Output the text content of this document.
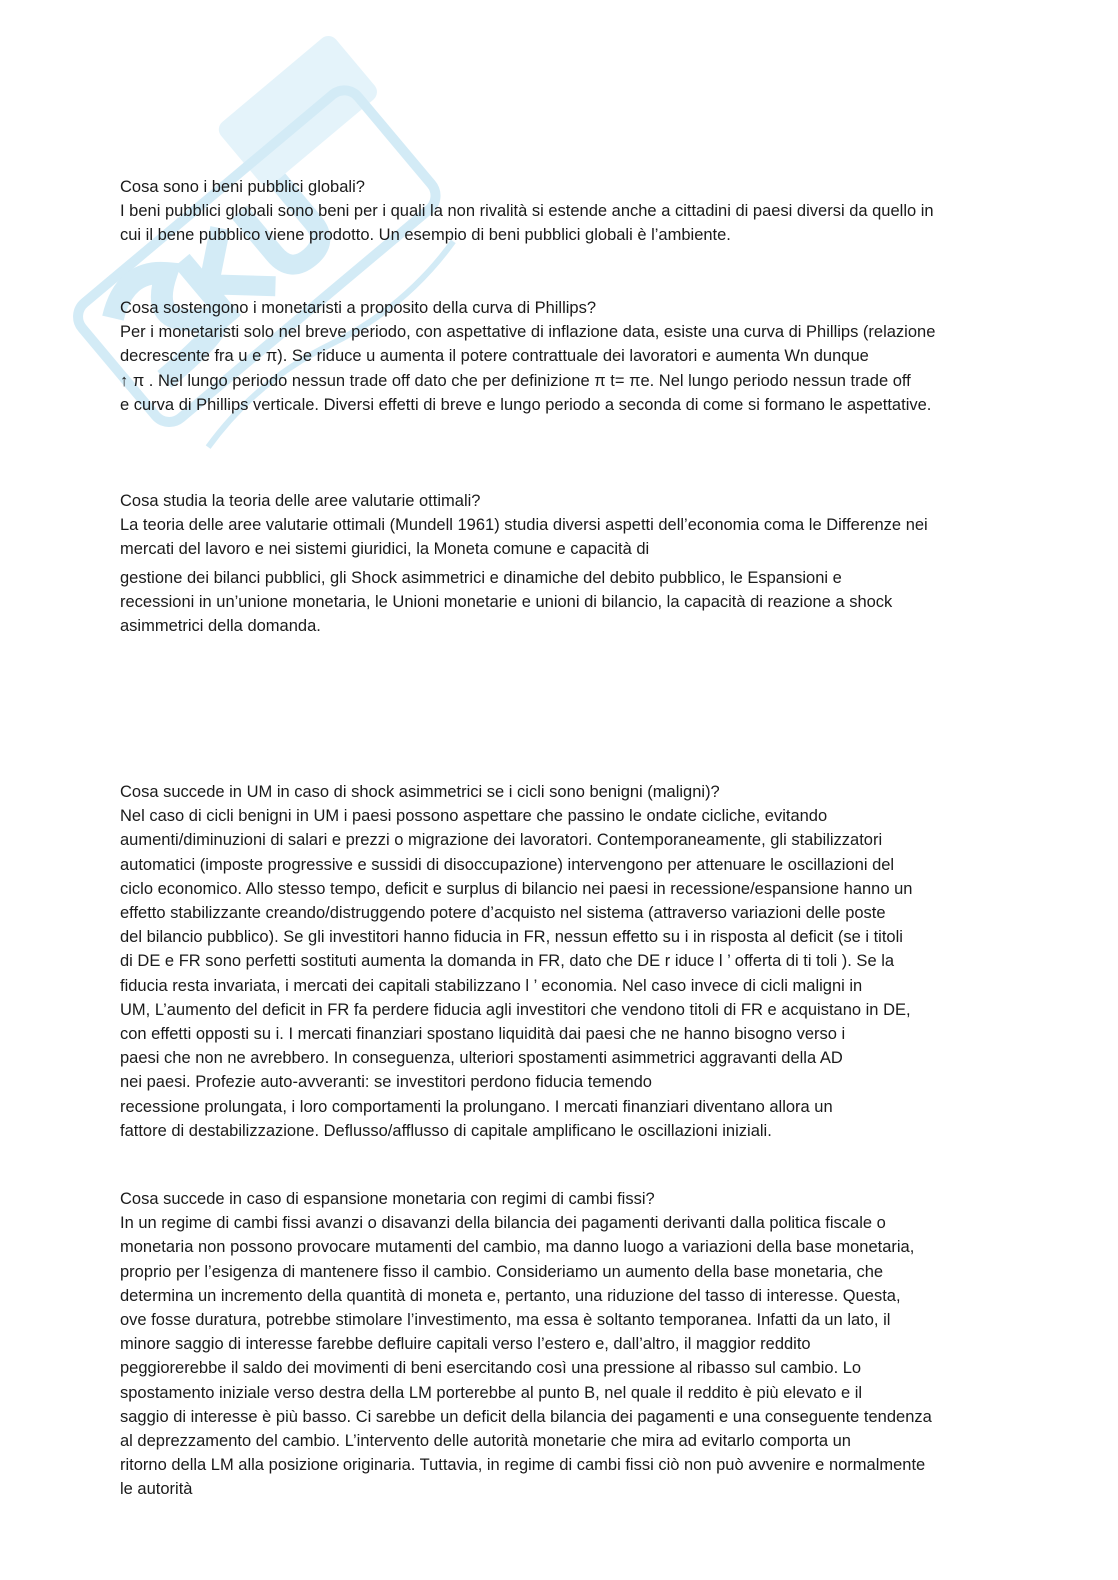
Cosa sono i beni pubblici globali?

I beni pubblici globali sono beni per i quali la non rivalità si estende anche a cittadini di paesi diversi da quello in

cui il bene pubblico viene prodotto. Un esempio di beni pubblici globali è l’ambiente.

Cosa sostengono i monetaristi a proposito della curva di Phillips?

Per i monetaristi solo nel breve periodo, con aspettative di inflazione data, esiste una curva di Phillips (relazione

decrescente fra u e π). Se riduce u aumenta il potere contrattuale dei lavoratori e aumenta Wn dunque

↑ π . Nel lungo periodo nessun trade off dato che per definizione π t= πe. Nel lungo periodo nessun trade off

e curva di Phillips verticale. Diversi effetti di breve e lungo periodo a seconda di come si formano le aspettative.

Cosa studia la teoria delle aree valutarie ottimali?

La teoria delle aree valutarie ottimali (Mundell 1961) studia diversi aspetti dell’economia coma le Differenze nei

mercati del lavoro e nei sistemi giuridici, la Moneta comune e capacità di

gestione dei bilanci pubblici, gli Shock asimmetrici e dinamiche del debito pubblico, le Espansioni e

recessioni in un’unione monetaria, le Unioni monetarie e unioni di bilancio, la capacità di reazione a shock

asimmetrici della domanda.

Cosa succede in UM in caso di shock asimmetrici se i cicli sono benigni (maligni)?

Nel caso di cicli benigni in UM i paesi possono aspettare che passino le ondate cicliche, evitando

aumenti/diminuzioni di salari e prezzi o migrazione dei lavoratori. Contemporaneamente, gli stabilizzatori

automatici (imposte progressive e sussidi di disoccupazione) intervengono per attenuare le oscillazioni del

ciclo economico. Allo stesso tempo, deficit e surplus di bilancio nei paesi in recessione/espansione hanno un

effetto stabilizzante creando/distruggendo potere d’acquisto nel sistema (attraverso variazioni delle poste

del bilancio pubblico). Se gli investitori hanno fiducia in FR, nessun effetto su i in risposta al deficit (se i titoli

di DE e FR sono perfetti sostituti aumenta la domanda in FR, dato che DE r iduce l ’ offerta di ti toli ). Se la

fiducia resta invariata, i mercati dei capitali stabilizzano l ’ economia. Nel caso invece di cicli maligni in

UM, L’aumento del deficit in FR fa perdere fiducia agli investitori che vendono titoli di FR e acquistano in DE,

con effetti opposti su i. I mercati finanziari spostano liquidità dai paesi che ne hanno bisogno verso i

paesi che non ne avrebbero. In conseguenza, ulteriori spostamenti asimmetrici aggravanti della AD

nei paesi. Profezie auto-avveranti: se investitori perdono fiducia temendo

recessione prolungata, i loro comportamenti la prolungano. I mercati finanziari diventano allora un

fattore di destabilizzazione. Deflusso/afflusso di capitale amplificano le oscillazioni iniziali.

Cosa succede in caso di espansione monetaria con regimi di cambi fissi?

In un regime di cambi fissi avanzi o disavanzi della bilancia dei pagamenti derivanti dalla politica fiscale o

monetaria non possono provocare mutamenti del cambio, ma danno luogo a variazioni della base monetaria,

proprio per l’esigenza di mantenere fisso il cambio. Consideriamo un aumento della base monetaria, che

determina un incremento della quantità di moneta e, pertanto, una riduzione del tasso di interesse. Questa,

ove fosse duratura, potrebbe stimolare l’investimento, ma essa è soltanto temporanea. Infatti da un lato, il

minore saggio di interesse farebbe defluire capitali verso l’estero e, dall’altro, il maggior reddito

peggiorerebbe il saldo dei movimenti di beni esercitando così una pressione al ribasso sul cambio. Lo

spostamento iniziale verso destra della LM porterebbe al punto B, nel quale il reddito è più elevato e il

saggio di interesse è più basso. Ci sarebbe un deficit della bilancia dei pagamenti e una conseguente tendenza

al deprezzamento del cambio. L’intervento delle autorità monetarie che mira ad evitarlo comporta un

ritorno della LM alla posizione originaria. Tuttavia, in regime di cambi fissi ciò non può avvenire e normalmente

le autorità
